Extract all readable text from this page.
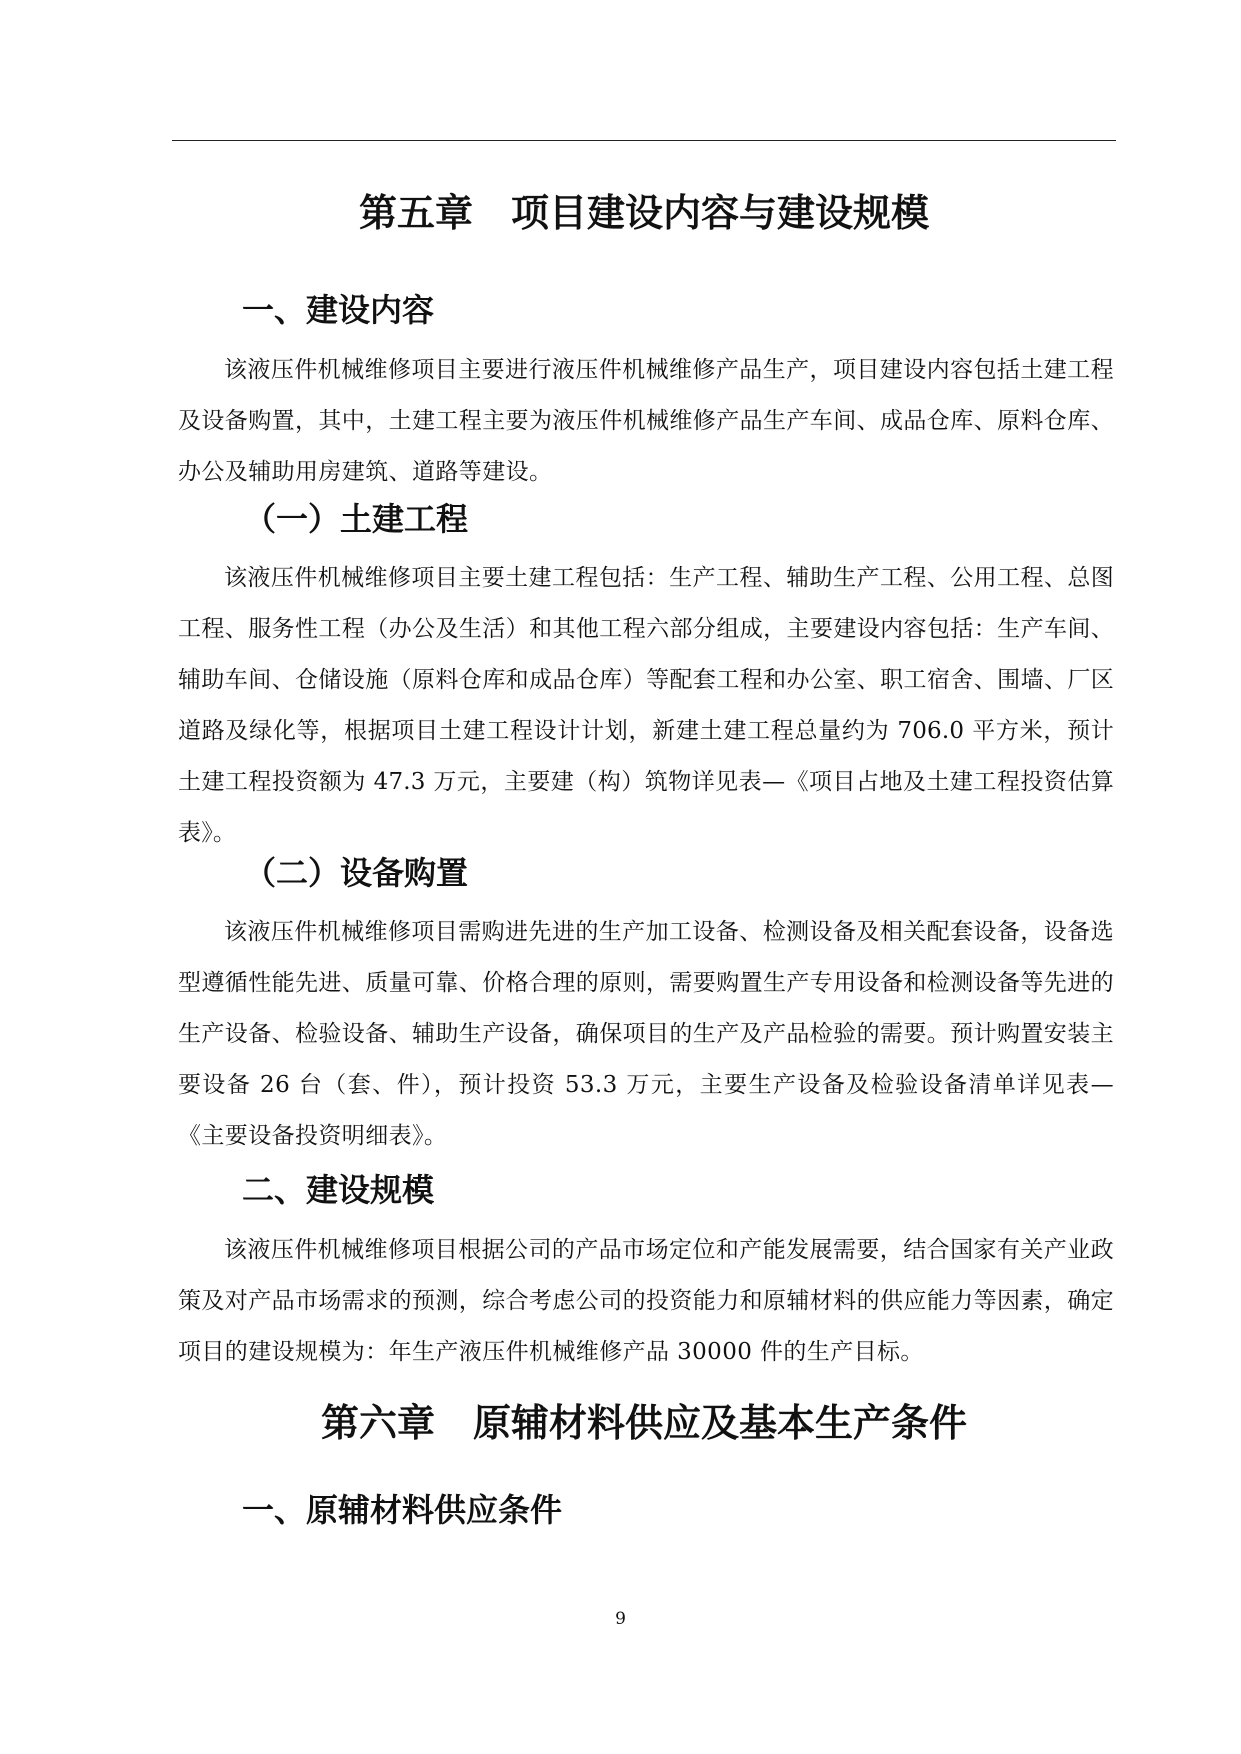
第五章 项目建设内容与建设规模
一、建设内容

该液压件机械维修项目主要进行液压件机械维修产品生产，项目建设内容包括土建工程及设备购置，其中，土建工程主要为液压件机械维修产品生产车间、成品仓库、原料仓库、办公及辅助用房建筑、道路等建设。

（一）土建工程

该液压件机械维修项目主要土建工程包括：生产工程、辅助生产工程、公用工程、总图工程、服务性工程（办公及生活）和其他工程六部分组成，主要建设内容包括：生产车间、辅助车间、仓储设施（原料仓库和成品仓库）等配套工程和办公室、职工宿舍、围墙、厂区道路及绿化等，根据项目土建工程设计计划，新建土建工程总量约为 706.0 平方米，预计土建工程投资额为 47.3 万元，主要建（构）筑物详见表—《项目占地及土建工程投资估算表》。

（二）设备购置

该液压件机械维修项目需购进先进的生产加工设备、检测设备及相关配套设备，设备选型遵循性能先进、质量可靠、价格合理的原则，需要购置生产专用设备和检测设备等先进的生产设备、检验设备、辅助生产设备，确保项目的生产及产品检验的需要。预计购置安装主要设备 26 台（套、件），预计投资 53.3 万元，主要生产设备及检验设备清单详见表—《主要设备投资明细表》。

二、建设规模

该液压件机械维修项目根据公司的产品市场定位和产能发展需要，结合国家有关产业政策及对产品市场需求的预测，综合考虑公司的投资能力和原辅材料的供应能力等因素，确定项目的建设规模为：年生产液压件机械维修产品 30000 件的生产目标。

第六章 原辅材料供应及基本生产条件
一、原辅材料供应条件
9
